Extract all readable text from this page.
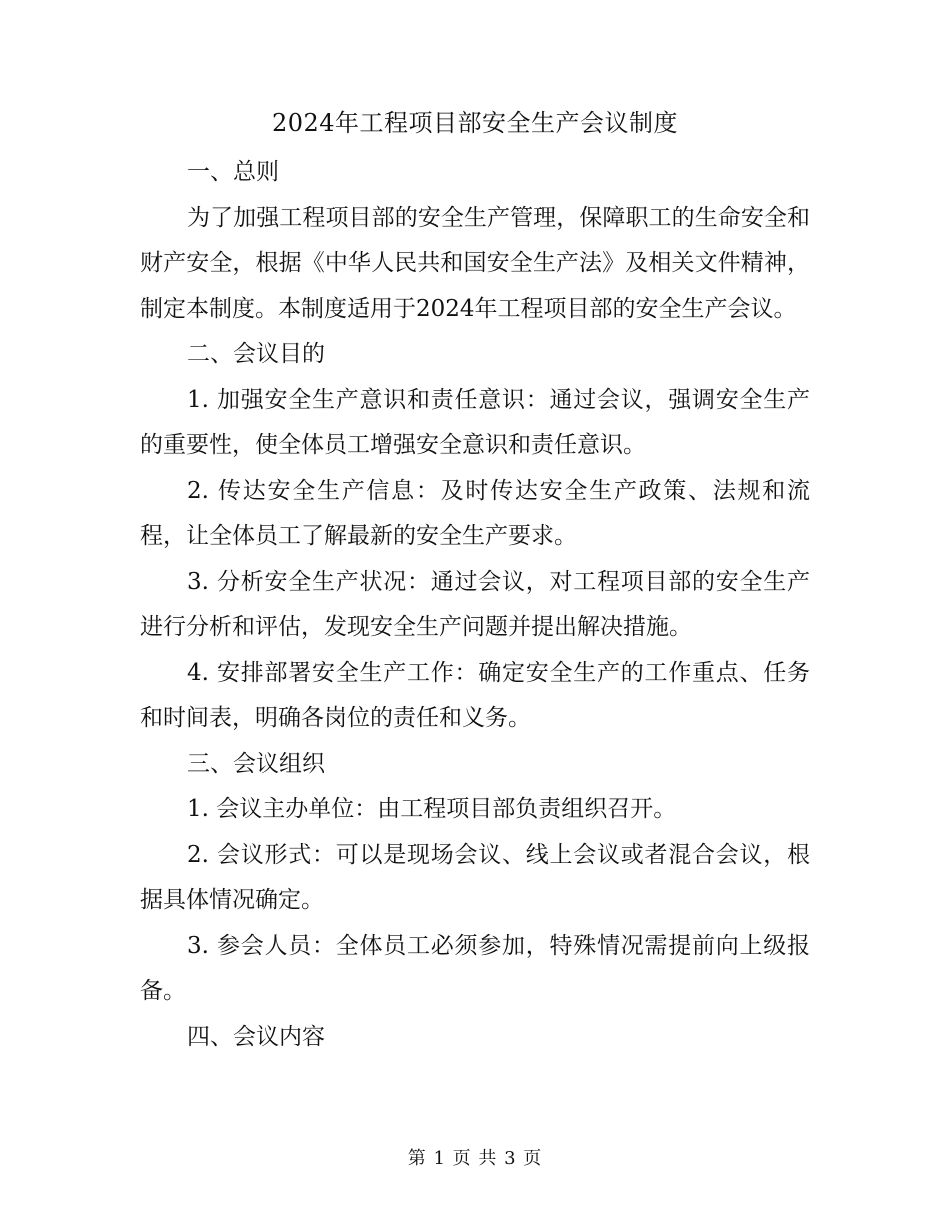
2024年工程项目部安全生产会议制度

一、总则

为了加强工程项目部的安全生产管理，保障职工的生命安全和财产安全，根据《中华人民共和国安全生产法》及相关文件精神，制定本制度。本制度适用于2024年工程项目部的安全生产会议。

二、会议目的

1. 加强安全生产意识和责任意识：通过会议，强调安全生产的重要性，使全体员工增强安全意识和责任意识。

2. 传达安全生产信息：及时传达安全生产政策、法规和流程，让全体员工了解最新的安全生产要求。

3. 分析安全生产状况：通过会议，对工程项目部的安全生产进行分析和评估，发现安全生产问题并提出解决措施。

4. 安排部署安全生产工作：确定安全生产的工作重点、任务和时间表，明确各岗位的责任和义务。

三、会议组织

1. 会议主办单位：由工程项目部负责组织召开。

2. 会议形式：可以是现场会议、线上会议或者混合会议，根据具体情况确定。

3. 参会人员：全体员工必须参加，特殊情况需提前向上级报备。

四、会议内容

第 1 页 共 3 页
